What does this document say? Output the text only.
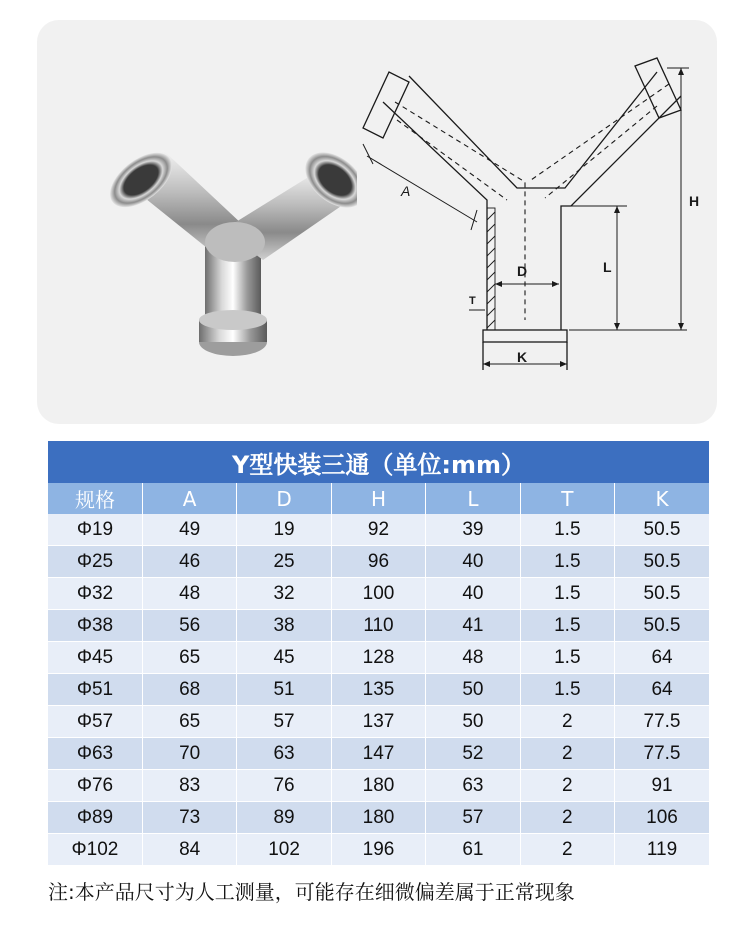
A
D	L
H
K
T
Y型快装三通（单位:mm）						
规格	A	D	H	L	T	K
Φ19	49	19	92	39	1.5	50.5
Φ25	46	25	96	40	1.5	50.5
Φ32	48	32	100	40	1.5	50.5
Φ38	56	38	110	41	1.5	50.5
Φ45	65	45	128	48	1.5	64
Φ51	68	51	135	50	1.5	64
Φ57	65	57	137	50	2	77.5
Φ63	70	63	147	52	2	77.5
Φ76	83	76	180	63	2	91
Φ89	73	89	180	57	2	106
Φ102	84	102	196	61	2	119
注:本产品尺寸为人工测量，可能存在细微偏差属于正常现象
